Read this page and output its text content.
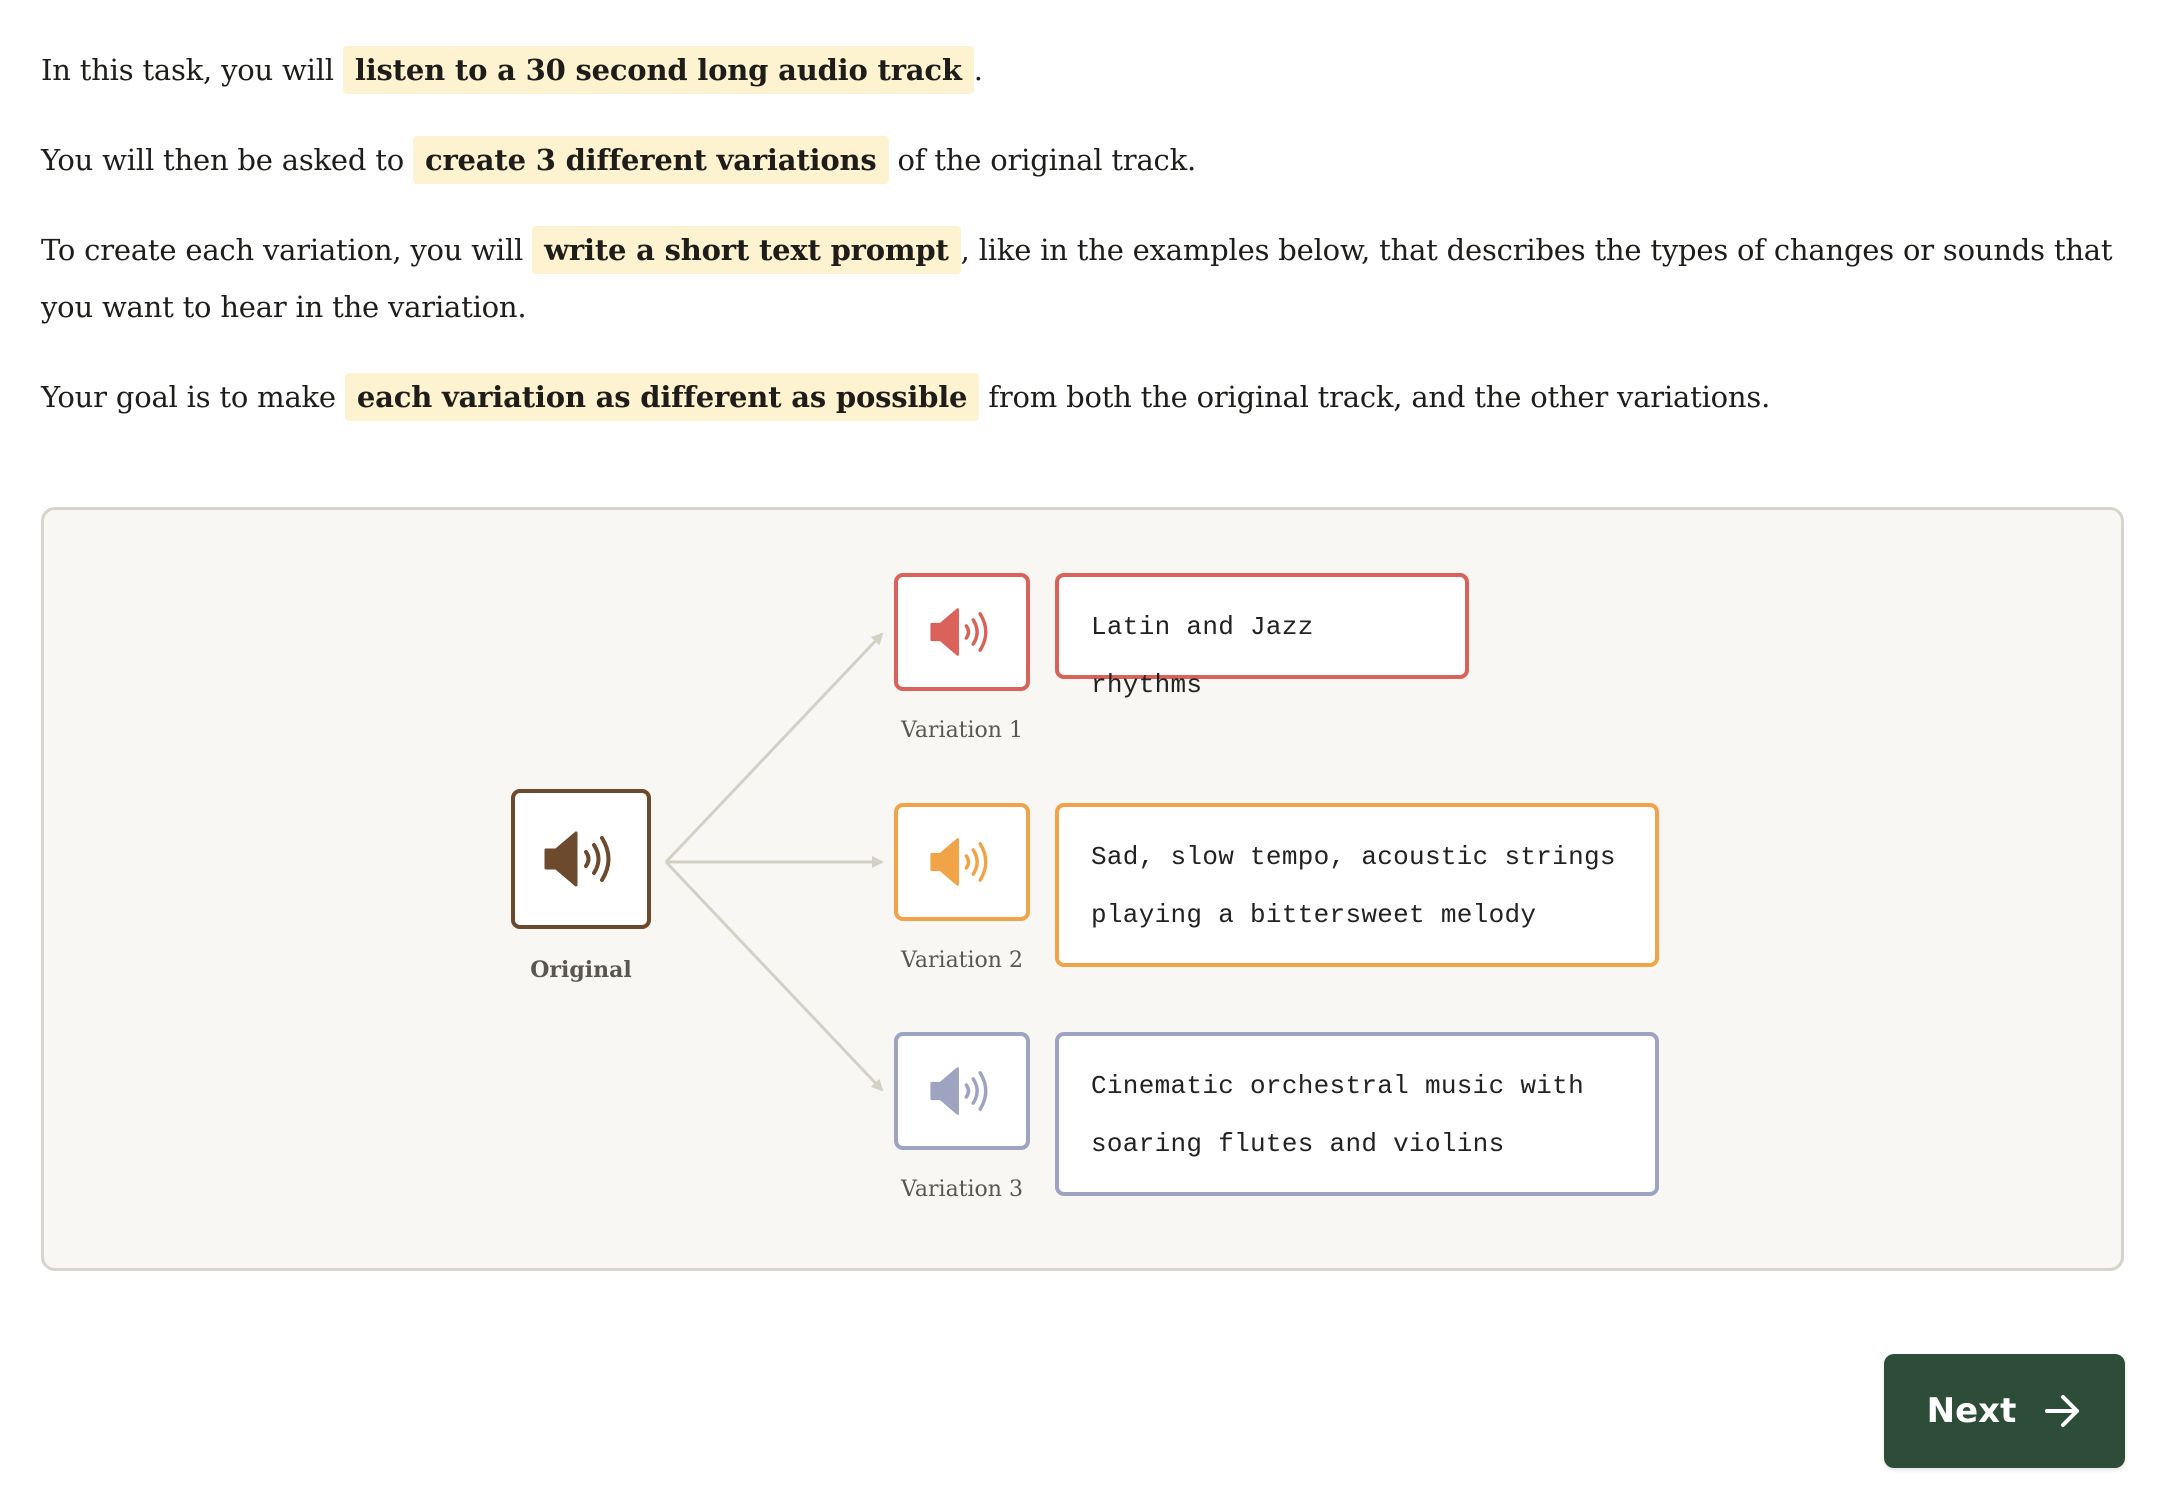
In this task, you will listen to a 30 second long audio track .

You will then be asked to create 3 different variations of the original track.

To create each variation, you will write a short text prompt , like in the examples below, that describes the types of changes or sounds that you want to hear in the variation.

Your goal is to make each variation as different as possible from both the original track, and the other variations.

Original
Variation 1
Latin and Jazz rhythms
Variation 2
Sad, slow tempo, acoustic strings playing a bittersweet melody
Variation 3
Cinematic orchestral music with soaring flutes and violins
Next
